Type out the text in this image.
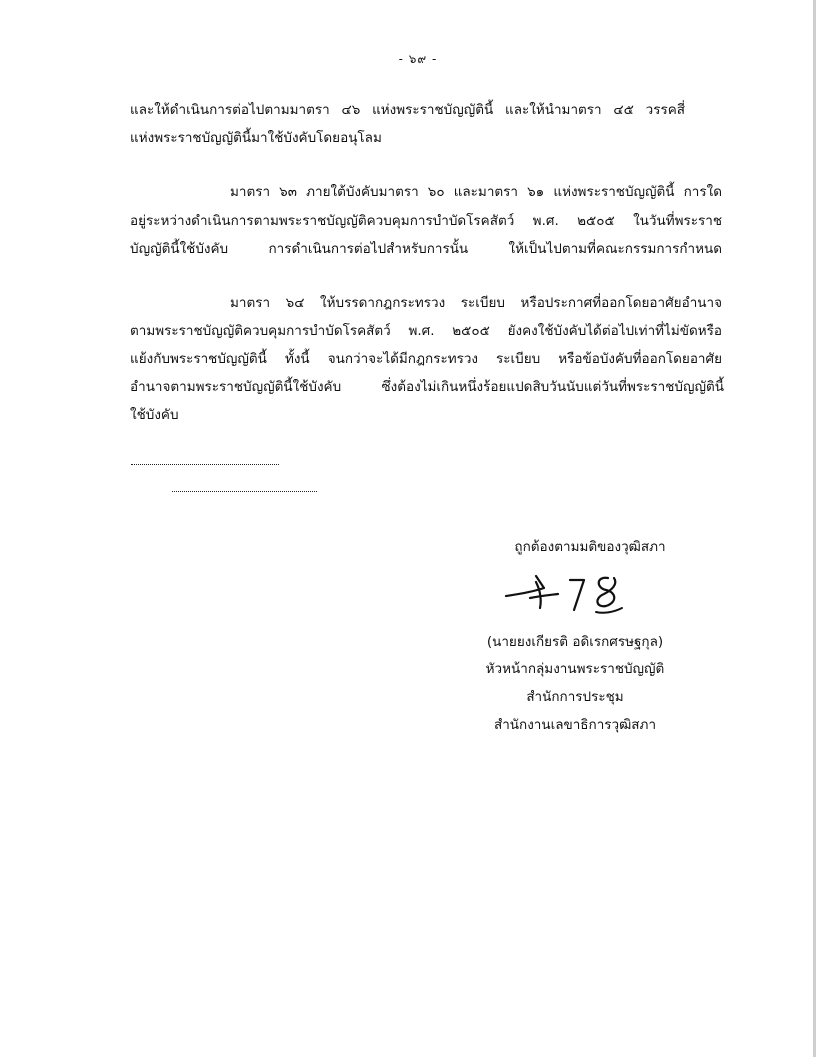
- ๖๙ -
และให้ดำเนินการต่อไปตามมาตรา ๔๖ แห่งพระราชบัญญัตินี้ และให้นำมาตรา ๔๕ วรรคสี่
แห่งพระราชบัญญัตินี้มาใช้บังคับโดยอนุโลม
มาตรา ๖๓ ภายใต้บังคับมาตรา ๖๐ และมาตรา ๖๑ แห่งพระราชบัญญัตินี้ การใด
อยู่ระหว่างดำเนินการตามพระราชบัญญัติควบคุมการบำบัดโรคสัตว์ พ.ศ. ๒๕๐๕ ในวันที่พระราช
บัญญัตินี้ใช้บังคับ การดำเนินการต่อไปสำหรับการนั้น ให้เป็นไปตามที่คณะกรรมการกำหนด
มาตรา ๖๔ ให้บรรดากฎกระทรวง ระเบียบ หรือประกาศที่ออกโดยอาศัยอำนาจ
ตามพระราชบัญญัติควบคุมการบำบัดโรคสัตว์ พ.ศ. ๒๕๐๕ ยังคงใช้บังคับได้ต่อไปเท่าที่ไม่ขัดหรือ
แย้งกับพระราชบัญญัตินี้ ทั้งนี้ จนกว่าจะได้มีกฎกระทรวง ระเบียบ หรือข้อบังคับที่ออกโดยอาศัย
อำนาจตามพระราชบัญญัตินี้ใช้บังคับ ซึ่งต้องไม่เกินหนึ่งร้อยแปดสิบวันนับแต่วันที่พระราชบัญญัตินี้
ใช้บังคับ
ถูกต้องตามมติของวุฒิสภา
(นายยงเกียรติ อดิเรกศรษฐกุล)
หัวหน้ากลุ่มงานพระราชบัญญัติ
สำนักการประชุม
สำนักงานเลขาธิการวุฒิสภา
